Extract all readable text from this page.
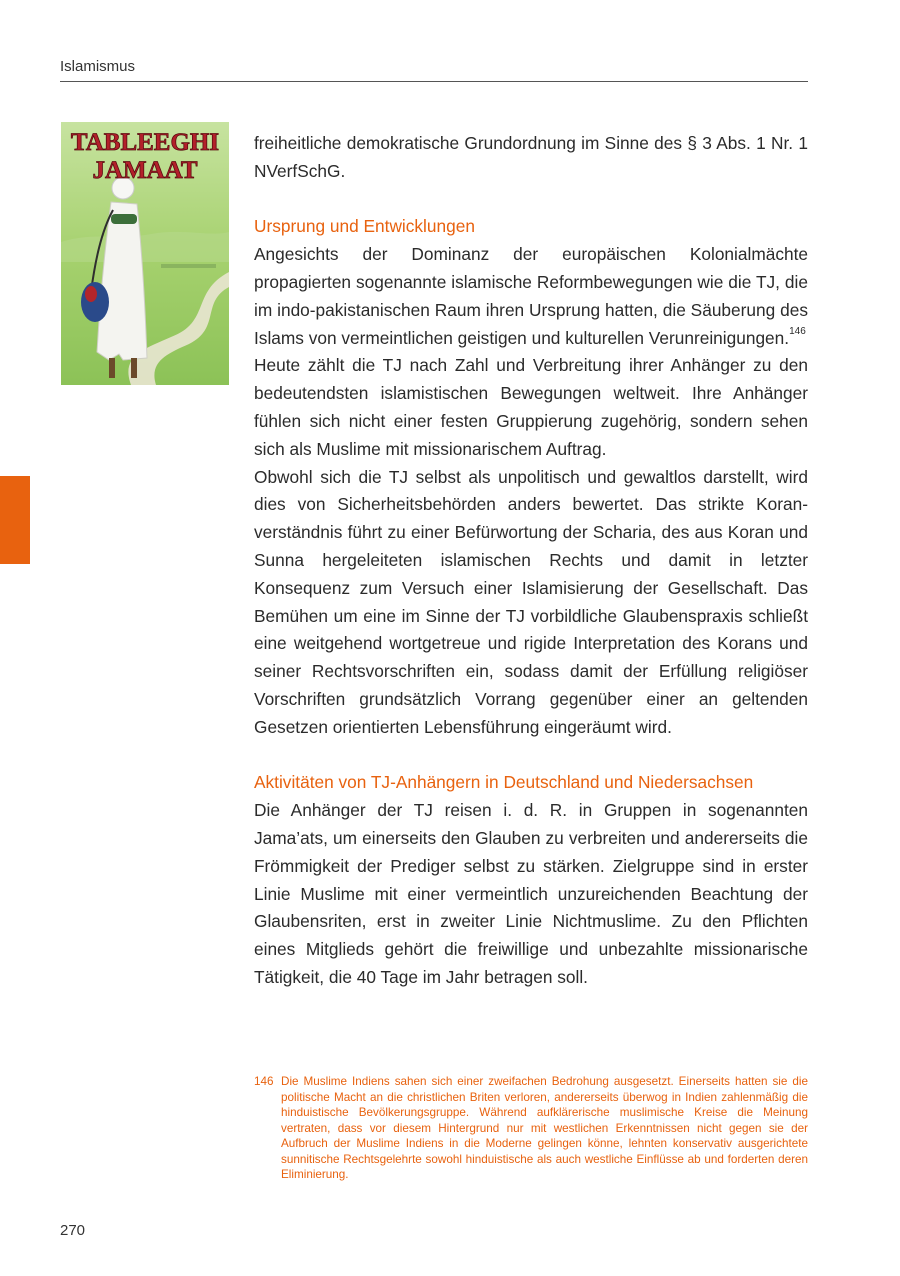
Islamismus
TABLEEGHI
JAMAAT

freiheitliche demokratische Grundordnung im Sinne des § 3 Abs. 1 Nr. 1 NVerfSchG.

Ursprung und Entwicklungen

Angesichts der Dominanz der europäischen Kolonialmächte propagierten sogenannte islamische Reformbewegungen wie die TJ, die im indo-pakistanischen Raum ihren Ursprung hatten, die Säuberung des Islams von vermeintlichen geistigen und kulturellen Verunreinigungen.$^{146}$

Heute zählt die TJ nach Zahl und Verbreitung ihrer Anhänger zu den bedeutendsten islamistischen Bewegungen weltweit. Ihre Anhänger fühlen sich nicht einer festen Gruppierung zugehörig, sondern sehen sich als Muslime mit missionarischem Auftrag.

Obwohl sich die TJ selbst als unpolitisch und gewaltlos darstellt, wird dies von Sicherheitsbehörden anders bewertet. Das strikte Koranverständnis führt zu einer Befürwortung der Scharia, des aus Koran und Sunna hergeleiteten islamischen Rechts und damit in letzter Konsequenz zum Versuch einer Islamisierung der Gesellschaft. Das Bemühen um eine im Sinne der TJ vorbildliche Glaubenspraxis schließt eine weitgehend wortgetreue und rigide Interpretation des Korans und seiner Rechtsvorschriften ein, sodass damit der Erfüllung religiöser Vorschriften grundsätzlich Vorrang gegenüber einer an geltenden Gesetzen orientierten Lebensführung eingeräumt wird.

Aktivitäten von TJ-Anhängern in Deutschland und Niedersachsen

Die Anhänger der TJ reisen i. d. R. in Gruppen in sogenannten Jama’ats, um einerseits den Glauben zu verbreiten und andererseits die Frömmigkeit der Prediger selbst zu stärken. Zielgruppe sind in erster Linie Muslime mit einer vermeintlich unzureichenden Beachtung der Glaubensriten, erst in zweiter Linie Nichtmuslime. Zu den Pflichten eines Mitglieds gehört die freiwillige und unbezahlte missionarische Tätigkeit, die 40 Tage im Jahr betragen soll.

146 Die Muslime Indiens sahen sich einer zweifachen Bedrohung ausgesetzt. Einerseits hatten sie die politische Macht an die christlichen Briten verloren, andererseits überwog in Indien zahlenmäßig die hinduistische Bevölkerungsgruppe. Während aufklärerische muslimische Kreise die Meinung vertraten, dass vor diesem Hintergrund nur mit westlichen Erkenntnissen nicht gegen sie der Aufbruch der Muslime Indiens in die Moderne gelingen könne, lehnten konservativ ausgerichtete sunnitische Rechtsgelehrte sowohl hinduistische als auch westliche Einflüsse ab und forderten deren Eliminierung.
270
